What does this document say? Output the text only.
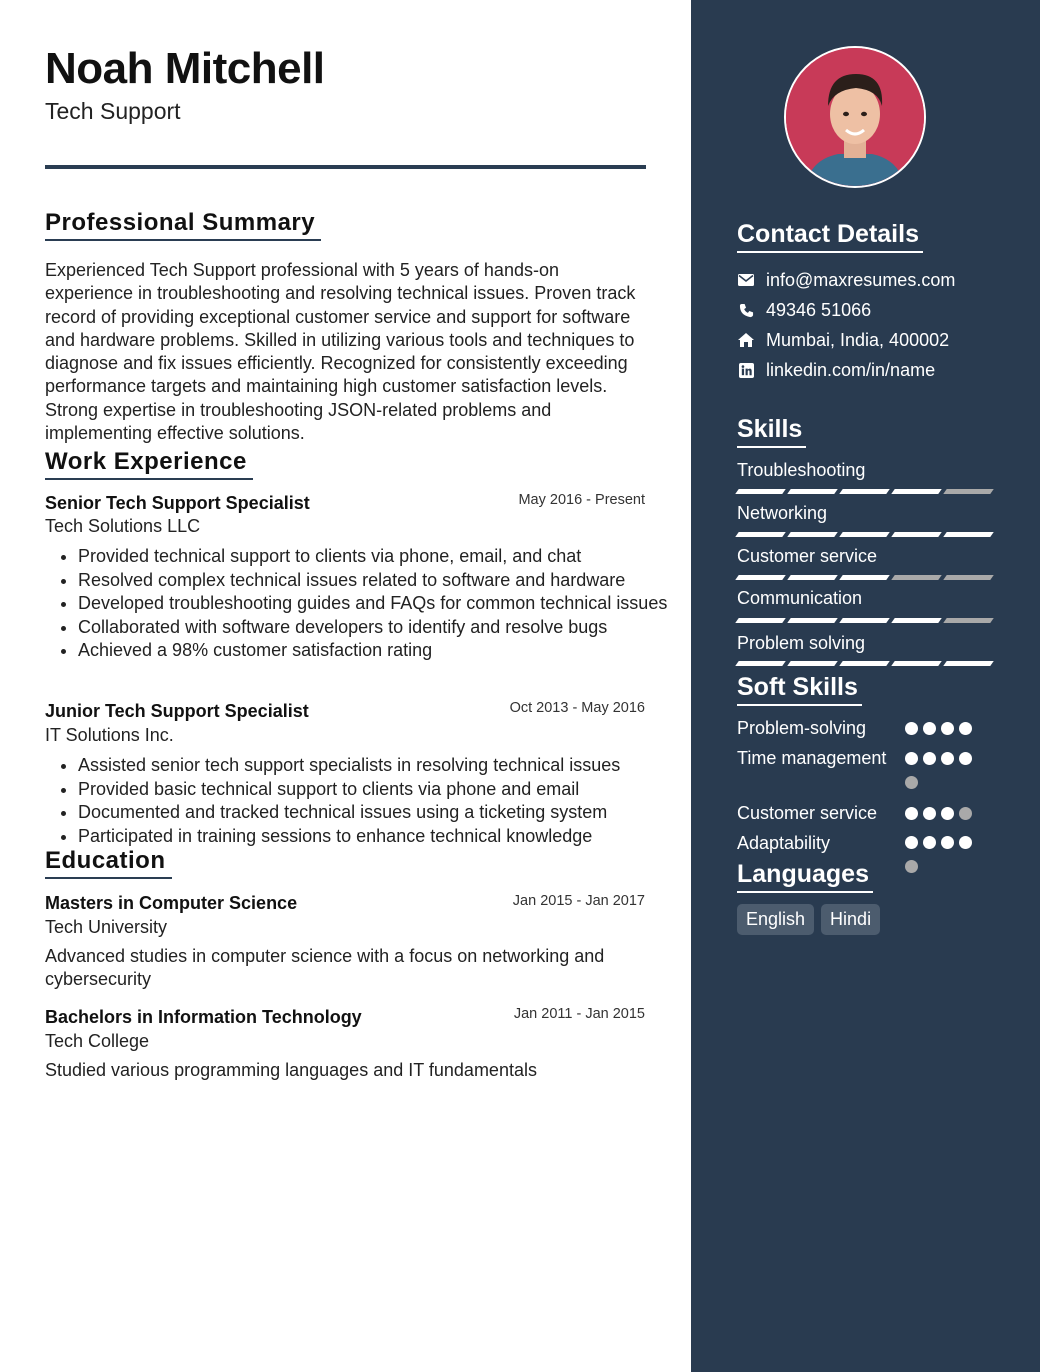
Noah Mitchell
Tech Support
Professional Summary

Experienced Tech Support professional with 5 years of hands-on experience in troubleshooting and resolving technical issues. Proven track record of providing exceptional customer service and support for software and hardware problems. Skilled in utilizing various tools and techniques to diagnose and fix issues efficiently. Recognized for consistently exceeding performance targets and maintaining high customer satisfaction levels. Strong expertise in troubleshooting JSON-related problems and implementing effective solutions.

Work Experience
Senior Tech Support Specialist	May 2016 - Present
Tech Solutions LLC
• Provided technical support to clients via phone, email, and chat
• Resolved complex technical issues related to software and hardware
• Developed troubleshooting guides and FAQs for common technical issues
• Collaborated with software developers to identify and resolve bugs
• Achieved a 98% customer satisfaction rating
Junior Tech Support Specialist	Oct 2013 - May 2016
IT Solutions Inc.
• Assisted senior tech support specialists in resolving technical issues
• Provided basic technical support to clients via phone and email
• Documented and tracked technical issues using a ticketing system
• Participated in training sessions to enhance technical knowledge
Education
Masters in Computer Science	Jan 2015 - Jan 2017
Tech University

Advanced studies in computer science with a focus on networking and cybersecurity

Bachelors in Information Technology	Jan 2011 - Jan 2015
Tech College

Studied various programming languages and IT fundamentals

Contact Details
info@maxresumes.com
49346 51066
Mumbai, India, 400002
linkedin.com/in/name
Skills
Troubleshooting
Networking
Customer service
Communication
Problem solving
Soft Skills
Problem-solving
Time management
Customer service
Adaptability
Languages
English	Hindi
